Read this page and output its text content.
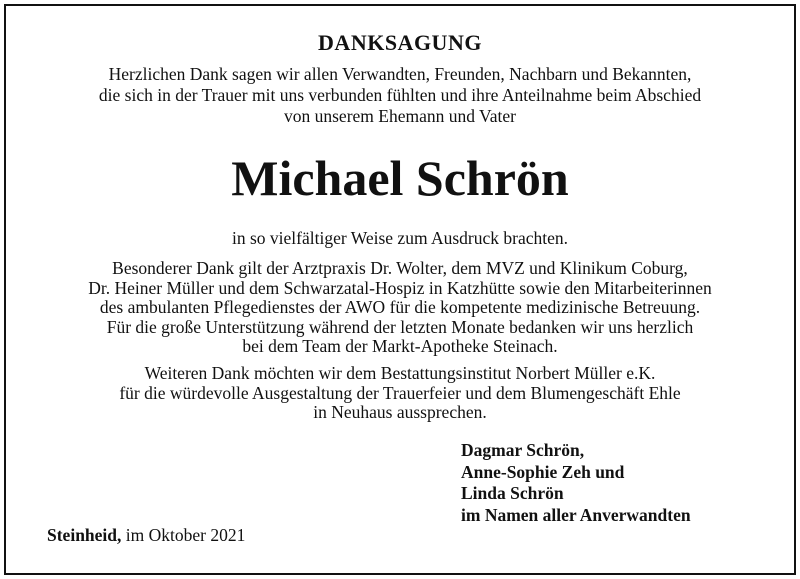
DANKSAGUNG
Herzlichen Dank sagen wir allen Verwandten, Freunden, Nachbarn und Bekannten,
die sich in der Trauer mit uns verbunden fühlten und ihre Anteilnahme beim Abschied
von unserem Ehemann und Vater
Michael Schrön
in so vielfältiger Weise zum Ausdruck brachten.
Besonderer Dank gilt der Arztpraxis Dr. Wolter, dem MVZ und Klinikum Coburg,
Dr. Heiner Müller und dem Schwarzatal-Hospiz in Katzhütte sowie den Mitarbeiterinnen
des ambulanten Pflegedienstes der AWO für die kompetente medizinische Betreuung.
Für die große Unterstützung während der letzten Monate bedanken wir uns herzlich
bei dem Team der Markt-Apotheke Steinach.
Weiteren Dank möchten wir dem Bestattungsinstitut Norbert Müller e.K.
für die würdevolle Ausgestaltung der Trauerfeier und dem Blumengeschäft Ehle
in Neuhaus aussprechen.
Dagmar Schrön,
Anne-Sophie Zeh und
Linda Schrön
im Namen aller Anverwandten
Steinheid, im Oktober 2021
